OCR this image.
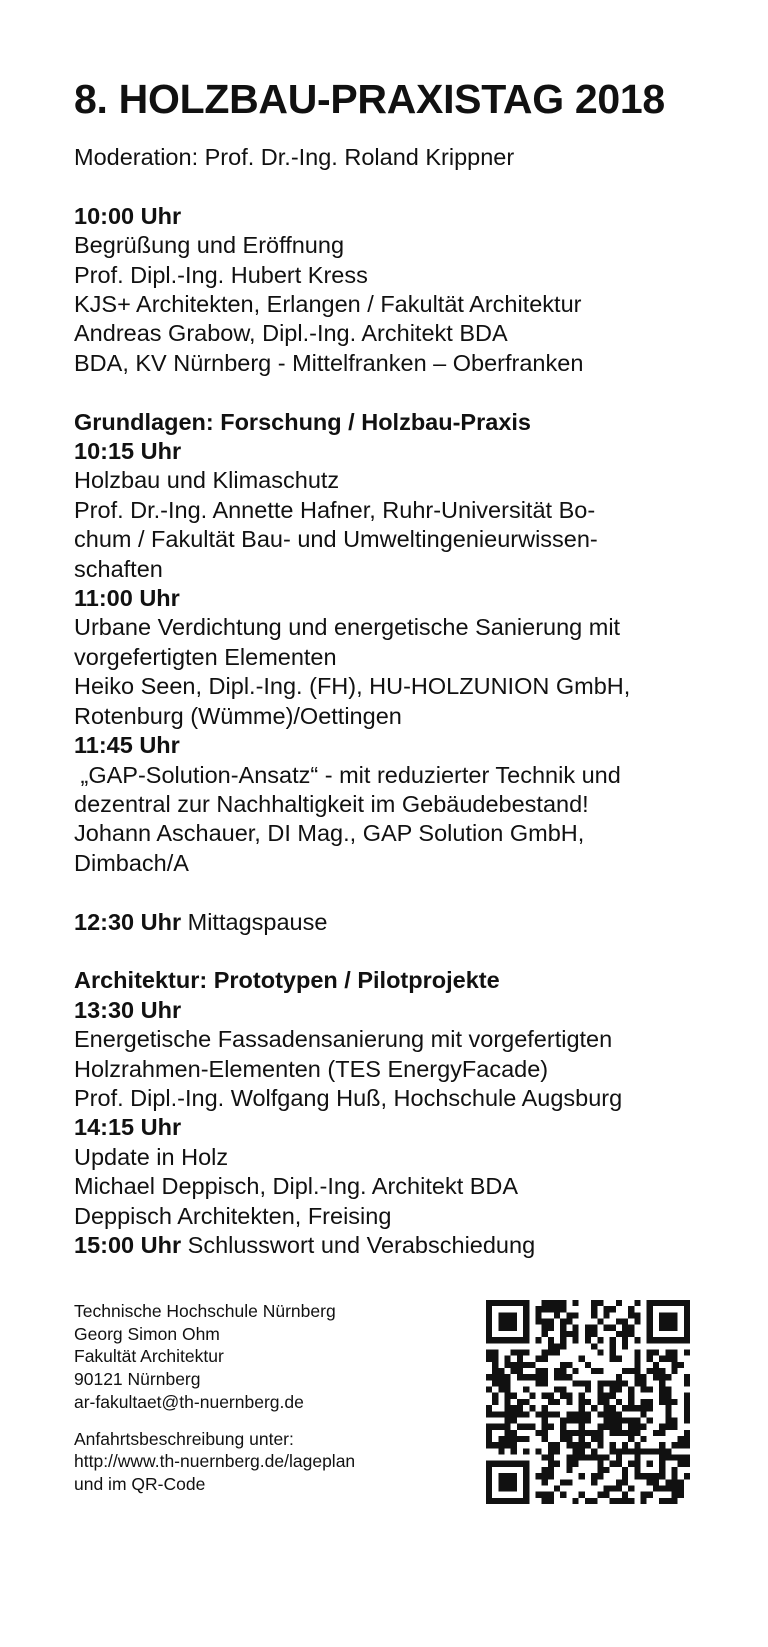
8. HOLZBAU-PRAXISTAG 2018
Moderation: Prof. Dr.-Ing. Roland Krippner
10:00 Uhr
Begrüßung und Eröffnung
Prof. Dipl.-Ing. Hubert Kress
KJS+ Architekten, Erlangen / Fakultät Architektur
Andreas Grabow, Dipl.-Ing. Architekt BDA
BDA, KV Nürnberg - Mittelfranken – Oberfranken
Grundlagen: Forschung / Holzbau-Praxis
10:15 Uhr
Holzbau und Klimaschutz
Prof. Dr.-Ing. Annette Hafner, Ruhr-Universität Bo-
chum / Fakultät Bau- und Umweltingenieurwissen-
schaften
11:00 Uhr
Urbane Verdichtung und energetische Sanierung mit
vorgefertigten Elementen
Heiko Seen, Dipl.-Ing. (FH), HU-HOLZUNION GmbH,
Rotenburg (Wümme)/Oettingen
11:45 Uhr
„GAP-Solution-Ansatz“ - mit reduzierter Technik und
dezentral zur Nachhaltigkeit im Gebäudebestand!
Johann Aschauer, DI Mag., GAP Solution GmbH,
Dimbach/A
12:30 Uhr Mittagspause
Architektur: Prototypen / Pilotprojekte
13:30 Uhr
Energetische Fassadensanierung mit vorgefertigten
Holzrahmen-Elementen (TES EnergyFacade)
Prof. Dipl.-Ing. Wolfgang Huß, Hochschule Augsburg
14:15 Uhr
Update in Holz
Michael Deppisch, Dipl.-Ing. Architekt BDA
Deppisch Architekten, Freising
15:00 Uhr Schlusswort und Verabschiedung
Technische Hochschule Nürnberg
Georg Simon Ohm
Fakultät Architektur
90121 Nürnberg
ar-fakultaet@th-nuernberg.de
Anfahrtsbeschreibung unter:
http://www.th-nuernberg.de/lageplan
und im QR-Code
